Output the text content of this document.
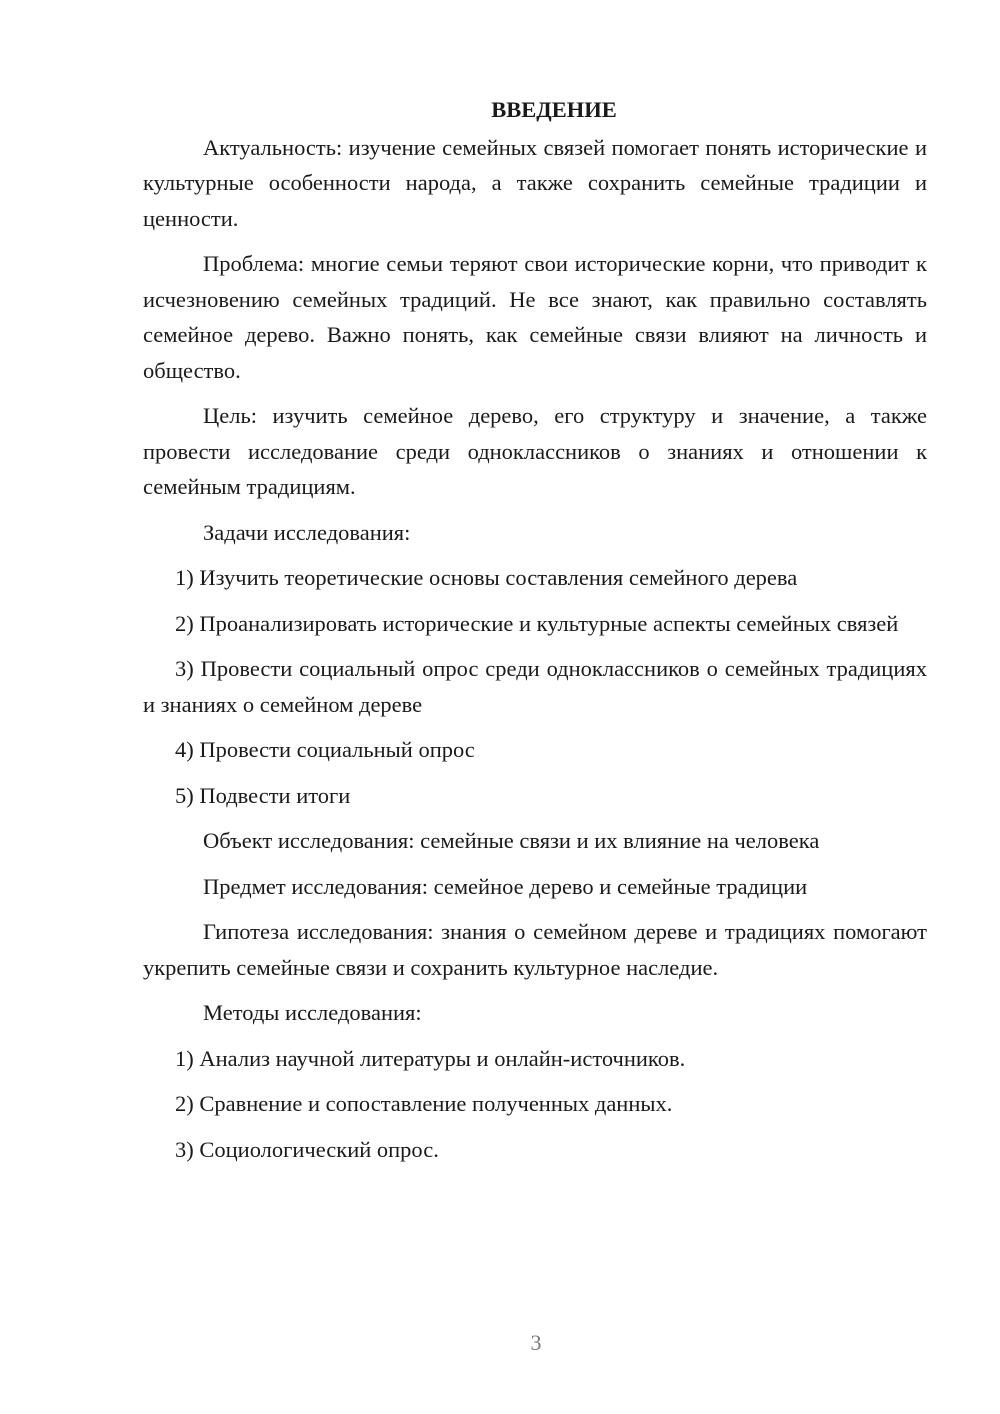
ВВЕДЕНИЕ

Актуальность: изучение семейных связей помогает понять исторические и культурные особенности народа, а также сохранить семейные традиции и ценности.

Проблема: многие семьи теряют свои исторические корни, что приводит к исчезновению семейных традиций. Не все знают, как правильно составлять семейное дерево. Важно понять, как семейные связи влияют на личность и общество.

Цель: изучить семейное дерево, его структуру и значение, а также провести исследование среди одноклассников о знаниях и отношении к семейным традициям.

Задачи исследования:

1) Изучить теоретические основы составления семейного дерева

2) Проанализировать исторические и культурные аспекты семейных связей

3) Провести социальный опрос среди одноклассников о семейных традициях и знаниях о семейном дереве

4) Провести социальный опрос

5) Подвести итоги

Объект исследования: семейные связи и их влияние на человека

Предмет исследования: семейное дерево и семейные традиции

Гипотеза исследования: знания о семейном дереве и традициях помогают укрепить семейные связи и сохранить культурное наследие.

Методы исследования:

1) Анализ научной литературы и онлайн-источников.

2) Сравнение и сопоставление полученных данных.

3) Социологический опрос.

3
